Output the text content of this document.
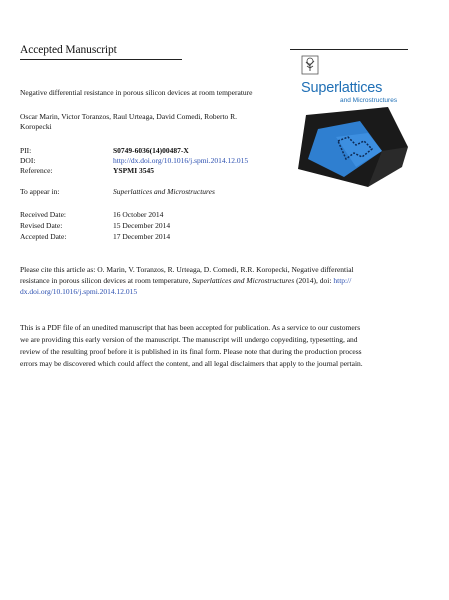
Accepted Manuscript
Superlattices
and Microstructures
Negative differential resistance in porous silicon devices at room temperature
Oscar Marin, Victor Toranzos, Raul Urteaga, David Comedi, Roberto R.
Koropecki
PII:	S0749-6036(14)00487-X
DOI:	http://dx.doi.org/10.1016/j.spmi.2014.12.015
Reference:	YSPMI 3545
To appear in:	Superlattices and Microstructures
Received Date:	16 October 2014
Revised Date:	15 December 2014
Accepted Date:	17 December 2014
Please cite this article as: O. Marin, V. Toranzos, R. Urteaga, D. Comedi, R.R. Koropecki, Negative differential
resistance in porous silicon devices at room temperature, Superlattices and Microstructures (2014), doi: http://
dx.doi.org/10.1016/j.spmi.2014.12.015
This is a PDF file of an unedited manuscript that has been accepted for publication. As a service to our customers
we are providing this early version of the manuscript. The manuscript will undergo copyediting, typesetting, and
review of the resulting proof before it is published in its final form. Please note that during the production process
errors may be discovered which could affect the content, and all legal disclaimers that apply to the journal pertain.
